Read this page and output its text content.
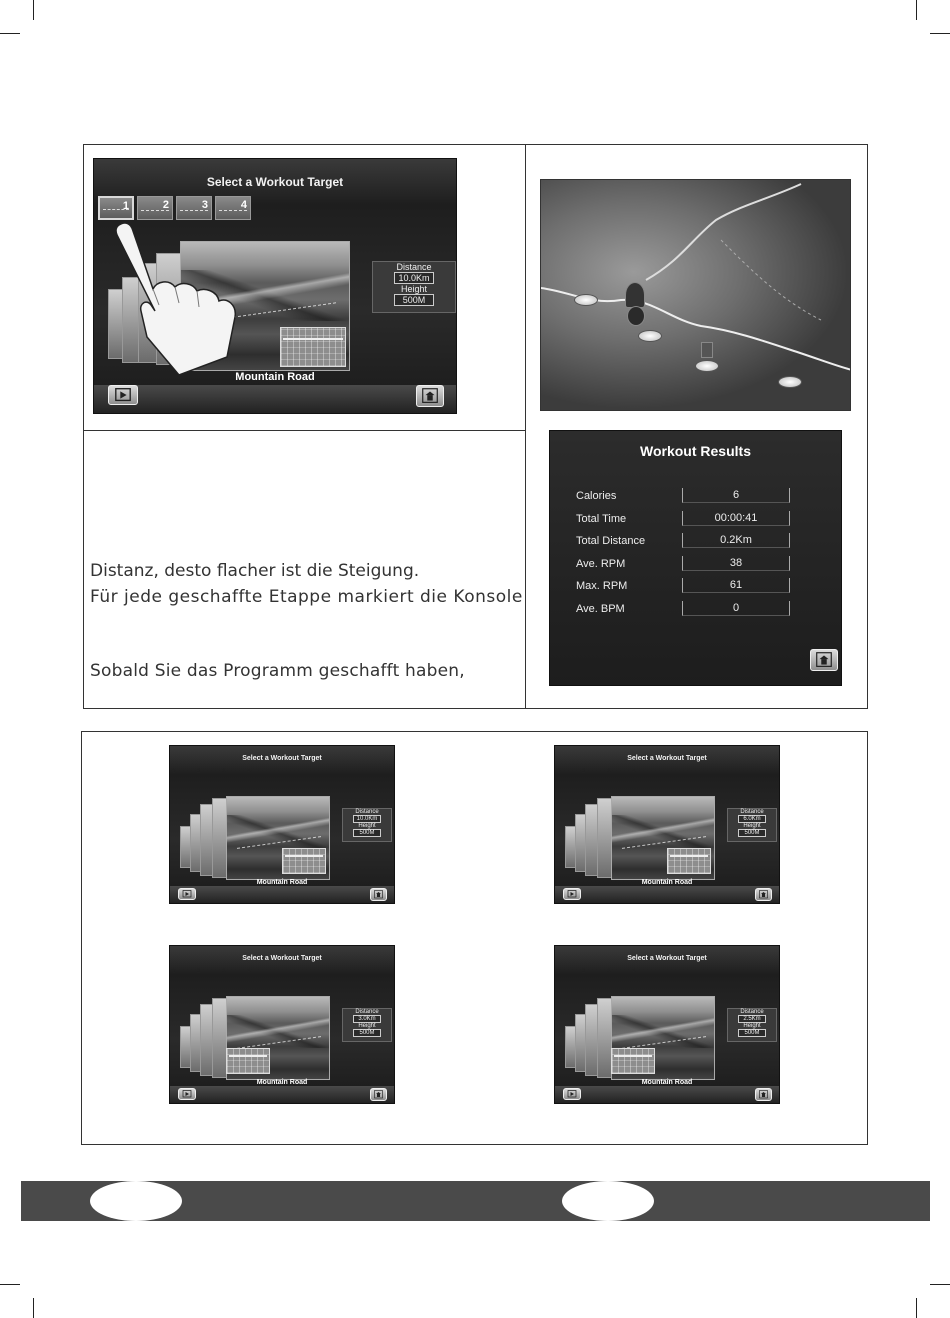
Select a Workout Target
1	2	3	4
Distance
10.0Km
Height
500M
Mountain Road
Distanz, desto flacher ist die Steigung.
Für jede geschaffte Etappe markiert die Konsole
Sobald Sie das Programm geschafft haben,
Workout Results
Calories	6
Total Time	00:00:41
Total Distance	0.2Km
Ave. RPM	38
Max. RPM	61
Ave. BPM	0
Select a Workout Target
1	2	3	4
Distance
10.0Km
Height
500M
Mountain Road
Select a Workout Target
1	2	3	4
Distance
6.0Km
Height
500M
Mountain Road
Select a Workout Target
1	2	3	4
Distance
3.0Km
Height
500M
Mountain Road
Select a Workout Target
1	2	3	4
Distance
2.5Km
Height
500M
Mountain Road
